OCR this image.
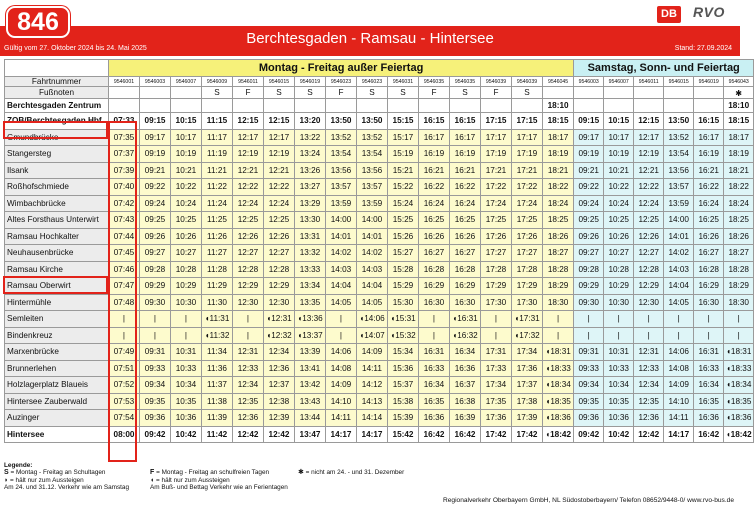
846
Berchtesgaden - Ramsau - Hintersee
Gültig vom 27. Oktober 2024 bis 24. Mai 2025	Stand: 27.09.2024
DB RVO
	Montag - Freitag außer Feiertag															Samstag, Sonn- und Feiertag					
Fahrtnummer	9546001	9546003	9546007	9546009	9546011	9546015	9546019	9546023	9546023	9546031	9546035	9546035	9546039	9546039	9546045	9546003	9546007	9546011	9546015	9546019	9546043
Fußnoten				S	F	S	S	F	S	S	F	S	F	S							✱
Berchtesgaden Zentrum															18:10						18:10
ZOB/Berchtesgaden Hbf	07:33	09:15	10:15	11:15	12:15	12:15	13:20	13:50	13:50	15:15	16:15	16:15	17:15	17:15	18:15	09:15	10:15	12:15	13:50	16:15	18:15
Gmundbrücke	07:35	09:17	10:17	11:17	12:17	12:17	13:22	13:52	13:52	15:17	16:17	16:17	17:17	17:17	18:17	09:17	10:17	12:17	13:52	16:17	18:17
Stangersteg	07:37	09:19	10:19	11:19	12:19	12:19	13:24	13:54	13:54	15:19	16:19	16:19	17:19	17:19	18:19	09:19	10:19	12:19	13:54	16:19	18:19
Ilsank	07:39	09:21	10:21	11:21	12:21	12:21	13:26	13:56	13:56	15:21	16:21	16:21	17:21	17:21	18:21	09:21	10:21	12:21	13:56	16:21	18:21
Roßhofschmiede	07:40	09:22	10:22	11:22	12:22	12:22	13:27	13:57	13:57	15:22	16:22	16:22	17:22	17:22	18:22	09:22	10:22	12:22	13:57	16:22	18:22
Wimbachbrücke	07:42	09:24	10:24	11:24	12:24	12:24	13:29	13:59	13:59	15:24	16:24	16:24	17:24	17:24	18:24	09:24	10:24	12:24	13:59	16:24	18:24
Altes Forsthaus Unterwirt	07:43	09:25	10:25	11:25	12:25	12:25	13:30	14:00	14:00	15:25	16:25	16:25	17:25	17:25	18:25	09:25	10:25	12:25	14:00	16:25	18:25
Ramsau Hochkalter	07:44	09:26	10:26	11:26	12:26	12:26	13:31	14:01	14:01	15:26	16:26	16:26	17:26	17:26	18:26	09:26	10:26	12:26	14:01	16:26	18:26
Neuhausenbrücke	07:45	09:27	10:27	11:27	12:27	12:27	13:32	14:02	14:02	15:27	16:27	16:27	17:27	17:27	18:27	09:27	10:27	12:27	14:02	16:27	18:27
Ramsau Kirche	07:46	09:28	10:28	11:28	12:28	12:28	13:33	14:03	14:03	15:28	16:28	16:28	17:28	17:28	18:28	09:28	10:28	12:28	14:03	16:28	18:28
Ramsau Oberwirt	07:47	09:29	10:29	11:29	12:29	12:29	13:34	14:04	14:04	15:29	16:29	16:29	17:29	17:29	18:29	09:29	10:29	12:29	14:04	16:29	18:29
Hintermühle	07:48	09:30	10:30	11:30	12:30	12:30	13:35	14:05	14:05	15:30	16:30	16:30	17:30	17:30	18:30	09:30	10:30	12:30	14:05	16:30	18:30
Semleiten	|	|	|	◖11:31	|	◖12:31	◖13:36	|	◖14:06	◖15:31	|	◖16:31	|	◖17:31	|	|	|	|	|	|	|
Bindenkreuz	|	|	|	◖11:32	|	◖12:32	◖13:37	|	◖14:07	◖15:32	|	◖16:32	|	◖17:32	|	|	|	|	|	|	|
Marxenbrücke	07:49	09:31	10:31	11:34	12:31	12:34	13:39	14:06	14:09	15:34	16:31	16:34	17:31	17:34	◖18:31	09:31	10:31	12:31	14:06	16:31	◖18:31
Brunnerlehen	07:51	09:33	10:33	11:36	12:33	12:36	13:41	14:08	14:11	15:36	16:33	16:36	17:33	17:36	◖18:33	09:33	10:33	12:33	14:08	16:33	◖18:33
Holzlagerplatz Blaueis	07:52	09:34	10:34	11:37	12:34	12:37	13:42	14:09	14:12	15:37	16:34	16:37	17:34	17:37	◖18:34	09:34	10:34	12:34	14:09	16:34	◖18:34
Hintersee Zauberwald	07:53	09:35	10:35	11:38	12:35	12:38	13:43	14:10	14:13	15:38	16:35	16:38	17:35	17:38	◖18:35	09:35	10:35	12:35	14:10	16:35	◖18:35
Auzinger	07:54	09:36	10:36	11:39	12:36	12:39	13:44	14:11	14:14	15:39	16:36	16:39	17:36	17:39	◖18:36	09:36	10:36	12:36	14:11	16:36	◖18:36
Hintersee	08:00	09:42	10:42	11:42	12:42	12:42	13:47	14:17	14:17	15:42	16:42	16:42	17:42	17:42	◖18:42	09:42	10:42	12:42	14:17	16:42	◖18:42
Legende:
S = Montag - Freitag an Schultagen	F = Montag - Freitag an schulfreien Tagen	✱ = nicht am 24. - und 31. Dezember
◗ = hält nur zum Aussteigen	◖ = hält nur zum Aussteigen
Am 24. und 31.12. Verkehr wie am Samstag	Am Buß- und Bettag Verkehr wie an Ferientagen
Regionalverkehr Oberbayern GmbH, NL Südostoberbayern/ Telefon 08652/9448-0/ www.rvo-bus.de
